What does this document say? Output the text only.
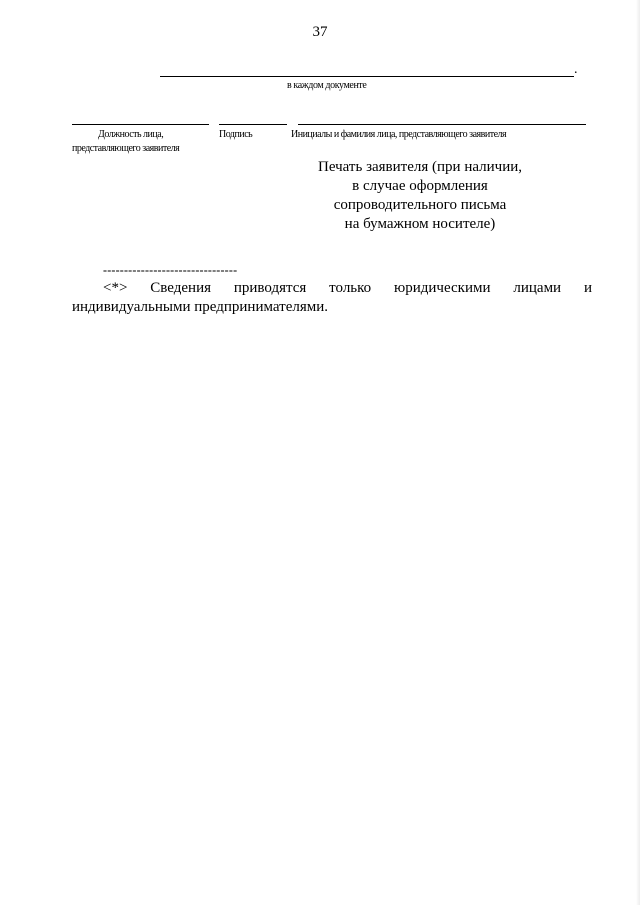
37
.
в каждом документе
Должность лица,
представляющего заявителя
Подпись	Инициалы и фамилия лица, представляющего заявителя
Печать заявителя (при наличии,
в случае оформления
сопроводительного письма
на бумажном носителе)
--------------------------------
<*> Сведения приводятся только юридическими лицами и
индивидуальными предпринимателями.
